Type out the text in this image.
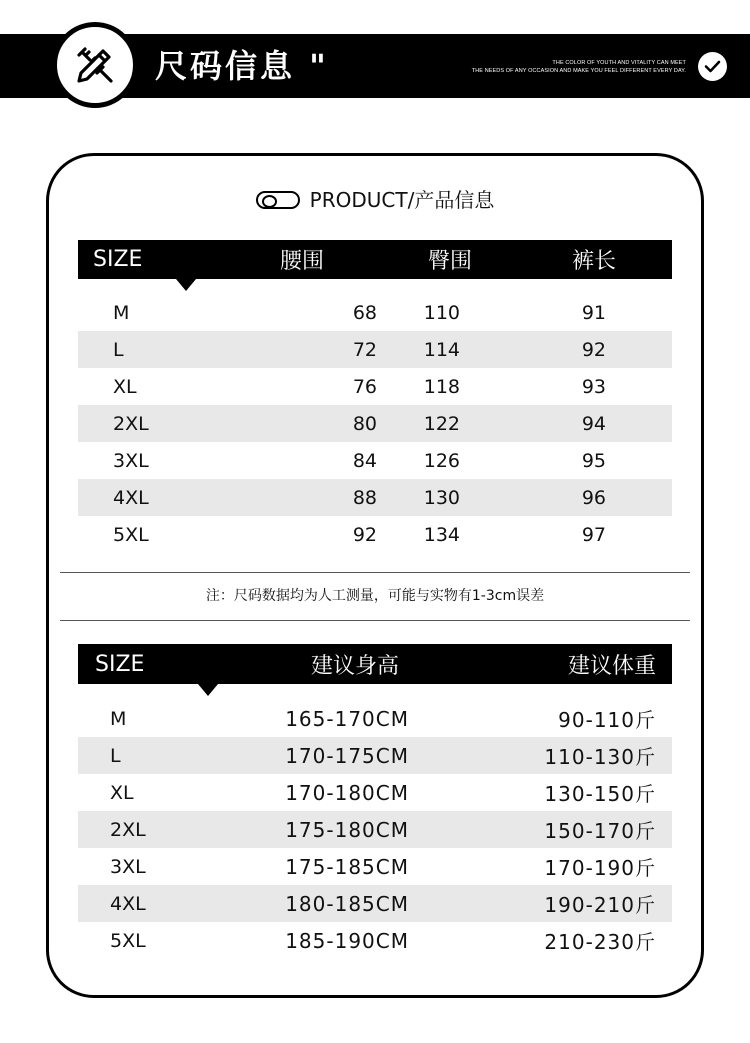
尺码信息 "	THE COLOR OF YOUTH AND VITALITY CAN MEET
THE NEEDS OF ANY OCCASION AND MAKE YOU FEEL DIFFERENT EVERY DAY.
PRODUCT/产品信息
SIZE	腰围	臀围	裤长
M	68	110	91
L	72	114	92
XL	76	118	93
2XL	80	122	94
3XL	84	126	95
4XL	88	130	96
5XL	92	134	97
注：尺码数据均为人工测量，可能与实物有1-3cm误差
SIZE	建议身高	建议体重
M	165-170CM	90-110斤
L	170-175CM	110-130斤
XL	170-180CM	130-150斤
2XL	175-180CM	150-170斤
3XL	175-185CM	170-190斤
4XL	180-185CM	190-210斤
5XL	185-190CM	210-230斤
